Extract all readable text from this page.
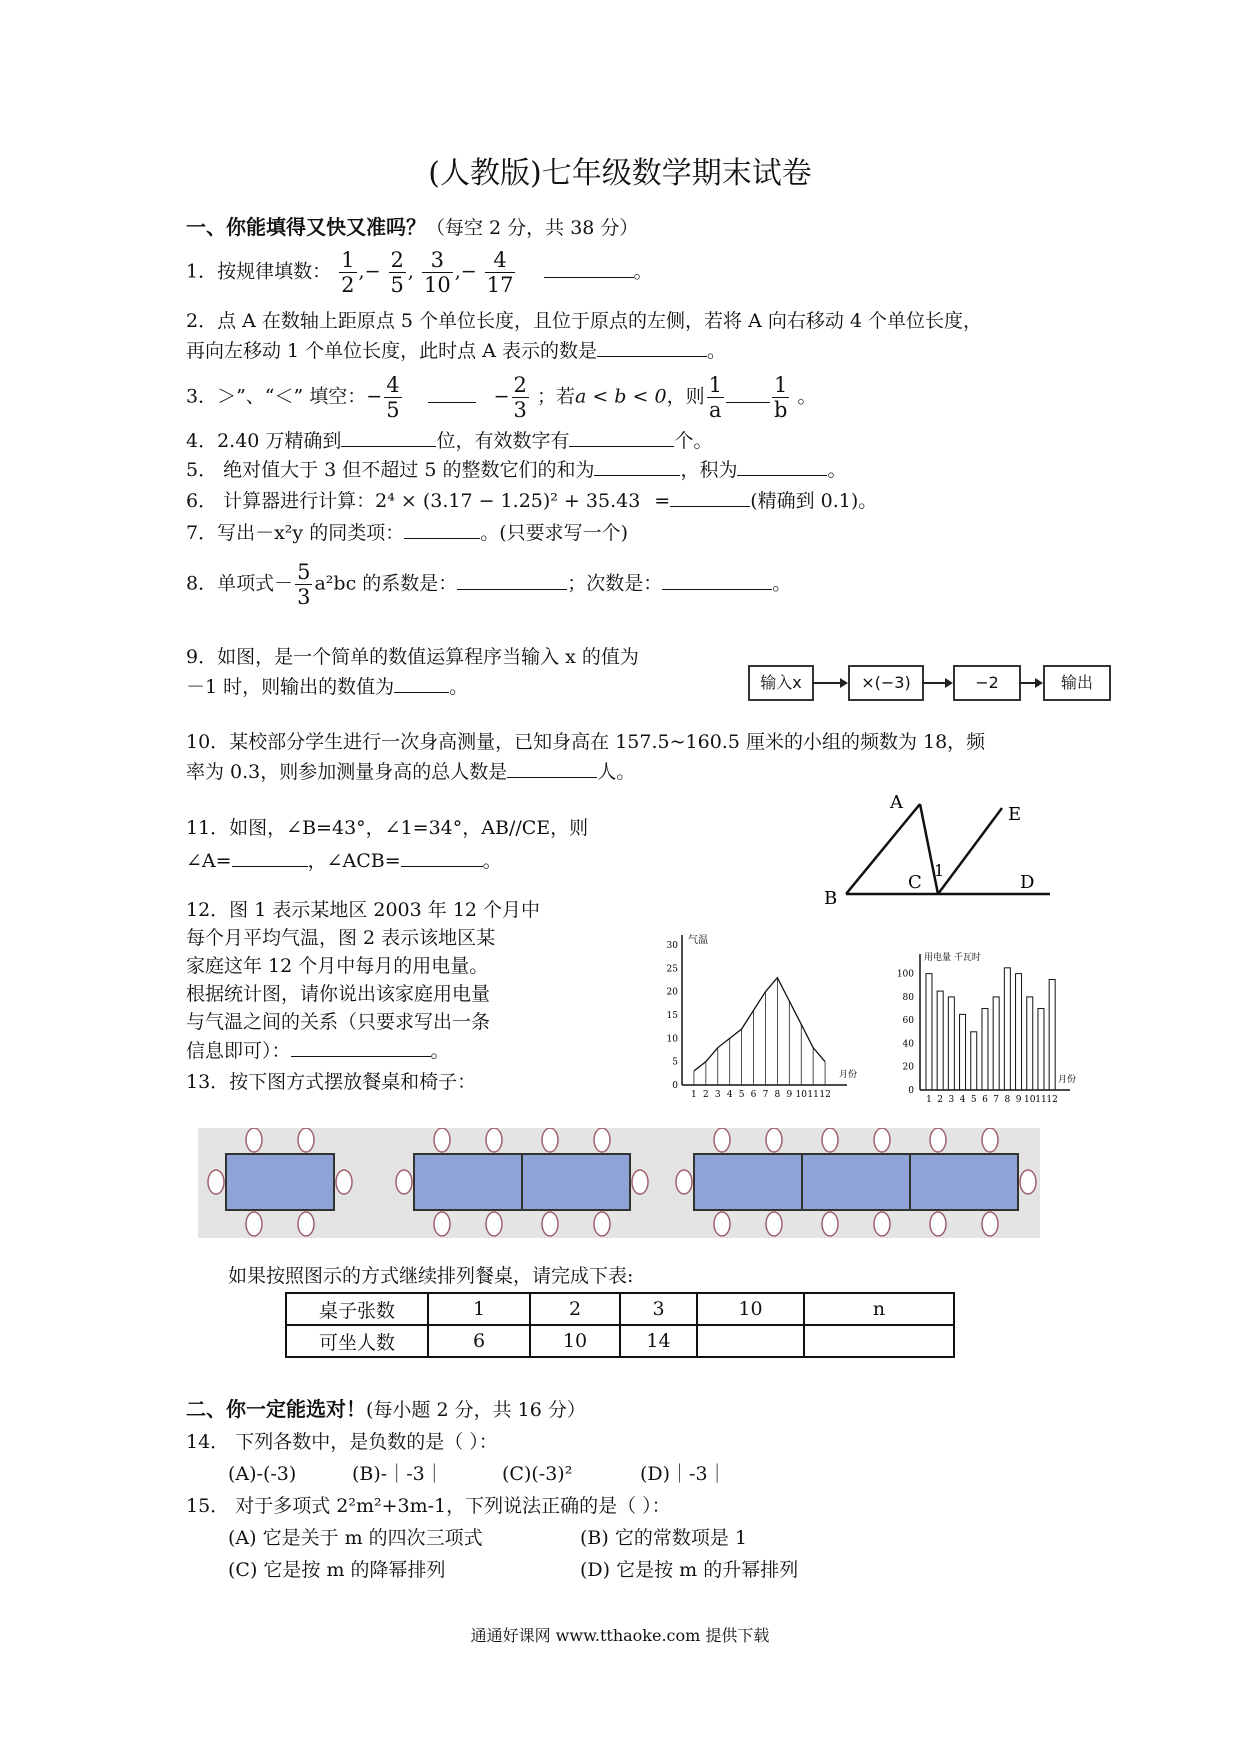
(人教版)七年级数学期末试卷
一、你能填得又快又准吗？（每空 2 分，共 38 分）
1．按规律填数： $\frac{1}{2}$ ,− $\frac{2}{5}$ , $\frac{3}{10}$ ,− $\frac{4}{17}$	。
2．点 A 在数轴上距原点 5 个单位长度，且位于原点的左侧，若将 A 向右移动 4 个单位长度，
再向左移动 1 个单位长度，此时点 A 表示的数是	。
3．＞”、“＜” 填空：− $\frac{4}{5}$	− $\frac{2}{3}$ ；若a < b < 0，则 $\frac{1}{a} \frac{1}{b}$ 。
4．2.40 万精确到	位，有效数字有	个。
5． 绝对值大于 3 但不超过 5 的整数它们的和为	，积为	。
6． 计算器进行计算：2⁴ × (3.17 − 1.25)² + 35.43 =	(精确到 0.1)。
7．写出－x²y 的同类项：	。(只要求写一个)
8．单项式－ $\frac{5}{3} a^2bc$ 的系数是：	；次数是：	。
9．如图，是一个简单的数值运算程序当输入 x 的值为
－1 时，则输出的数值为	。	输入x	×(−3)	−2	输出
10．某校部分学生进行一次身高测量，已知身高在 157.5~160.5 厘米的小组的频数为 18，频
率为 0.3，则参加测量身高的总人数是	人。
11．如图，∠B=43°，∠1=34°，AB//CE，则
∠A=	，∠ACB=	。
A
B
C	D
E
1
12．图 1 表示某地区 2003 年 12 个月中
每个月平均气温，图 2 表示该地区某
家庭这年 12 个月中每月的用电量。
根据统计图，请你说出该家庭用电量
与气温之间的关系（只要求写出一条
信息即可）：	。
0
5
10
15
20
25
30 气温
月份
1 2 3 4 5 6 7 8 9 10 11 12	0
20
40
60
80
100
用电量 千瓦时
月份
1 2 3 4 5 6 7 8 9 10 11 12
13．按下图方式摆放餐桌和椅子：
如果按照图示的方式继续排列餐桌，请完成下表:
桌子张数	1	2	3	10	n
可坐人数	6	10	14		
二、你一定能选对！(每小题 2 分，共 16 分）
14． 下列各数中，是负数的是（ ）：
(A)-(-3)	(B)-｜-3｜	(C)(-3)²	(D)｜-3｜
15． 对于多项式 2²m²+3m-1，下列说法正确的是（ ）：
(A) 它是关于 m 的四次三项式	(B) 它的常数项是 1
(C) 它是按 m 的降幂排列	(D) 它是按 m 的升幂排列
通通好课网 www.tthaoke.com 提供下载
